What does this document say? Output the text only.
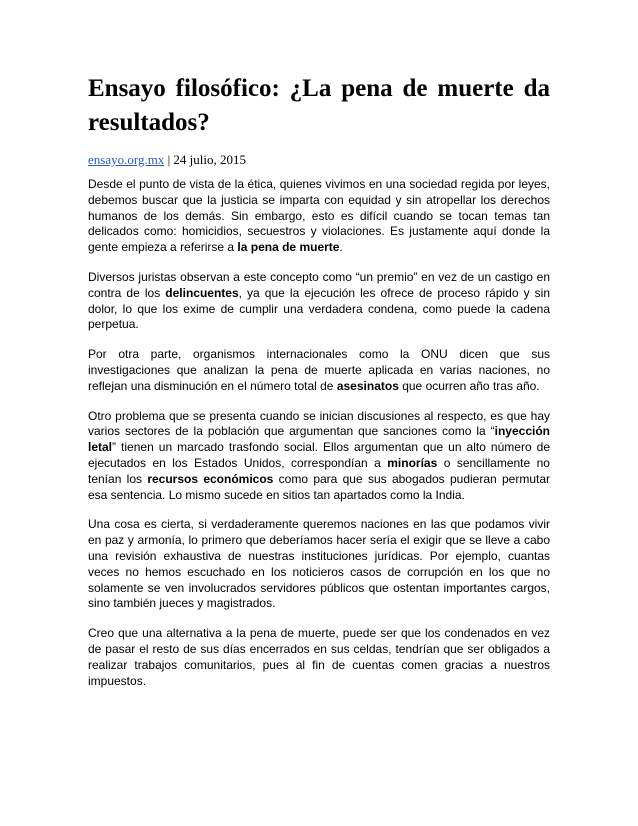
Ensayo filosófico: ¿La pena de muerte da resultados?
ensayo.org.mx | 24 julio, 2015

Desde el punto de vista de la ética, quienes vivimos en una sociedad regida por leyes, debemos buscar que la justicia se imparta con equidad y sin atropellar los derechos humanos de los demás. Sin embargo, esto es difícil cuando se tocan temas tan delicados como: homicidios, secuestros y violaciones. Es justamente aquí donde la gente empieza a referirse a la pena de muerte.

Diversos juristas observan a este concepto como “un premio” en vez de un castigo en contra de los delincuentes, ya que la ejecución les ofrece de proceso rápido y sin dolor, lo que los exime de cumplir una verdadera condena, como puede la cadena perpetua.

Por otra parte, organismos internacionales como la ONU dicen que sus investigaciones que analizan la pena de muerte aplicada en varias naciones, no reflejan una disminución en el número total de asesinatos que ocurren año tras año.

Otro problema que se presenta cuando se inician discusiones al respecto, es que hay varios sectores de la población que argumentan que sanciones como la “inyección letal” tienen un marcado trasfondo social. Ellos argumentan que un alto número de ejecutados en los Estados Unidos, correspondían a minorías o sencillamente no tenían los recursos económicos como para que sus abogados pudieran permutar esa sentencia. Lo mismo sucede en sitios tan apartados como la India.

Una cosa es cierta, si verdaderamente queremos naciones en las que podamos vivir en paz y armonía, lo primero que deberíamos hacer sería el exigir que se lleve a cabo una revisión exhaustiva de nuestras instituciones jurídicas. Por ejemplo, cuantas veces no hemos escuchado en los noticieros casos de corrupción en los que no solamente se ven involucrados servidores públicos que ostentan importantes cargos, sino también jueces y magistrados.

Creo que una alternativa a la pena de muerte, puede ser que los condenados en vez de pasar el resto de sus días encerrados en sus celdas, tendrían que ser obligados a realizar trabajos comunitarios, pues al fin de cuentas comen gracias a nuestros impuestos.
